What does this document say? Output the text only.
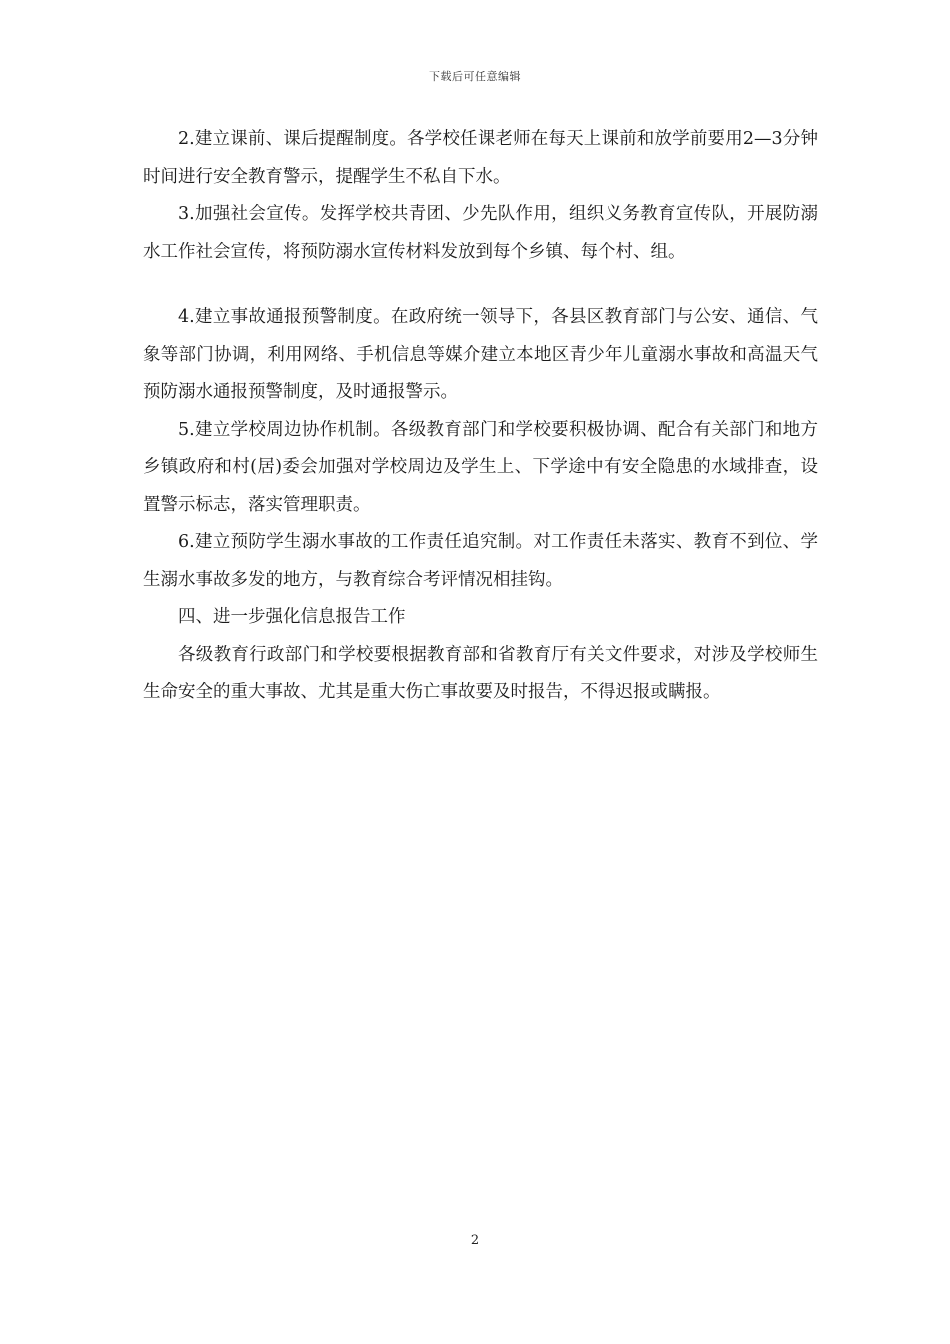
下载后可任意编辑

2.建立课前、课后提醒制度。各学校任课老师在每天上课前和放学前要用2—3分钟时间进行安全教育警示，提醒学生不私自下水。

3.加强社会宣传。发挥学校共青团、少先队作用，组织义务教育宣传队，开展防溺水工作社会宣传，将预防溺水宣传材料发放到每个乡镇、每个村、组。

4.建立事故通报预警制度。在政府统一领导下，各县区教育部门与公安、通信、气象等部门协调，利用网络、手机信息等媒介建立本地区青少年儿童溺水事故和高温天气预防溺水通报预警制度，及时通报警示。

5.建立学校周边协作机制。各级教育部门和学校要积极协调、配合有关部门和地方乡镇政府和村(居)委会加强对学校周边及学生上、下学途中有安全隐患的水域排查，设置警示标志，落实管理职责。

6.建立预防学生溺水事故的工作责任追究制。对工作责任未落实、教育不到位、学生溺水事故多发的地方，与教育综合考评情况相挂钩。

四、进一步强化信息报告工作

各级教育行政部门和学校要根据教育部和省教育厅有关文件要求，对涉及学校师生生命安全的重大事故、尤其是重大伤亡事故要及时报告，不得迟报或瞒报。

2
